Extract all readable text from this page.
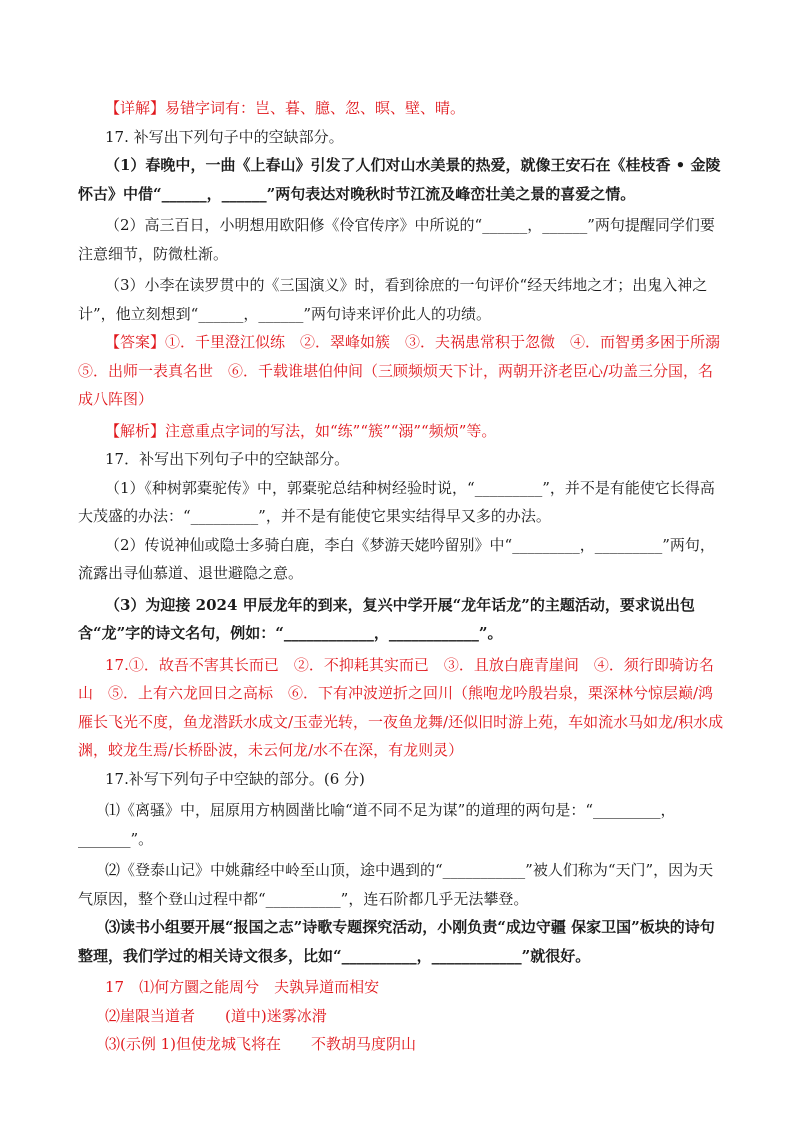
【详解】易错字词有：岂、暮、臆、忽、暝、壁、晴。

17. 补写出下列句子中的空缺部分。

（1）春晚中，一曲《上春山》引发了人们对山水美景的热爱，就像王安石在《桂枝香 • 金陵怀古》中借“______，______”两句表达对晚秋时节江流及峰峦壮美之景的喜爱之情。

（2）高三百日，小明想用欧阳修《伶官传序》中所说的“______，______”两句提醒同学们要注意细节，防微杜渐。

（3）小李在读罗贯中的《三国演义》时，看到徐庶的一句评价“经天纬地之才；出鬼入神之计”，他立刻想到“______，______”两句诗来评价此人的功绩。

【答案】①．千里澄江似练　②．翠峰如簇　③．夫祸患常积于忽微　④．而智勇多困于所溺　⑤．出师一表真名世　⑥．千载谁堪伯仲间（三顾频烦天下计，两朝开济老臣心/功盖三分国，名成八阵图）

【解析】注意重点字词的写法，如“练”“簇”“溺”“频烦”等。

17．补写出下列句子中的空缺部分。

（1）《种树郭橐驼传》中，郭橐驼总结种树经验时说，“_________”，并不是有能使它长得高大茂盛的办法：“_________”，并不是有能使它果实结得早又多的办法。

（2）传说神仙或隐士多骑白鹿，李白《梦游天姥吟留别》中“_________，_________”两句，流露出寻仙慕道、退世避隐之意。

（3）为迎接 2024 甲辰龙年的到来，复兴中学开展“龙年话龙”的主题活动，要求说出包含“龙”字的诗文名句，例如：“____________，____________”。

17.①．故吾不害其长而已　②．不抑耗其实而已　③．且放白鹿青崖间　④．须行即骑访名山　⑤．上有六龙回日之高标　⑥．下有冲波逆折之回川（熊咆龙吟殷岩泉，栗深林兮惊层巅/鸿雁长飞光不度，鱼龙潜跃水成文/玉壶光转，一夜鱼龙舞/还似旧时游上苑，车如流水马如龙/积水成渊，蛟龙生焉/长桥卧波，未云何龙/水不在深，有龙则灵）

17.补写下列句子中空缺的部分。(6 分)

⑴《离骚》中，屈原用方枘圆凿比喻“道不同不足为谋”的道理的两句是：“_________，_______”。

⑵《登泰山记》中姚鼐经中岭至山顶，途中遇到的“___________”被人们称为“天门”，因为天气原因，整个登山过程中都“__________”，连石阶都几乎无法攀登。

⑶读书小组要开展“报国之志”诗歌专题探究活动，小刚负责“成边守疆 保家卫国”板块的诗句整理，我们学过的相关诗文很多，比如“__________，____________”就很好。

17　⑴何方圜之能周兮　夫孰异道而相安

⑵崖限当道者　　(道中)迷雾冰滑

⑶(示例 1)但使龙城飞将在　　不教胡马度阴山
